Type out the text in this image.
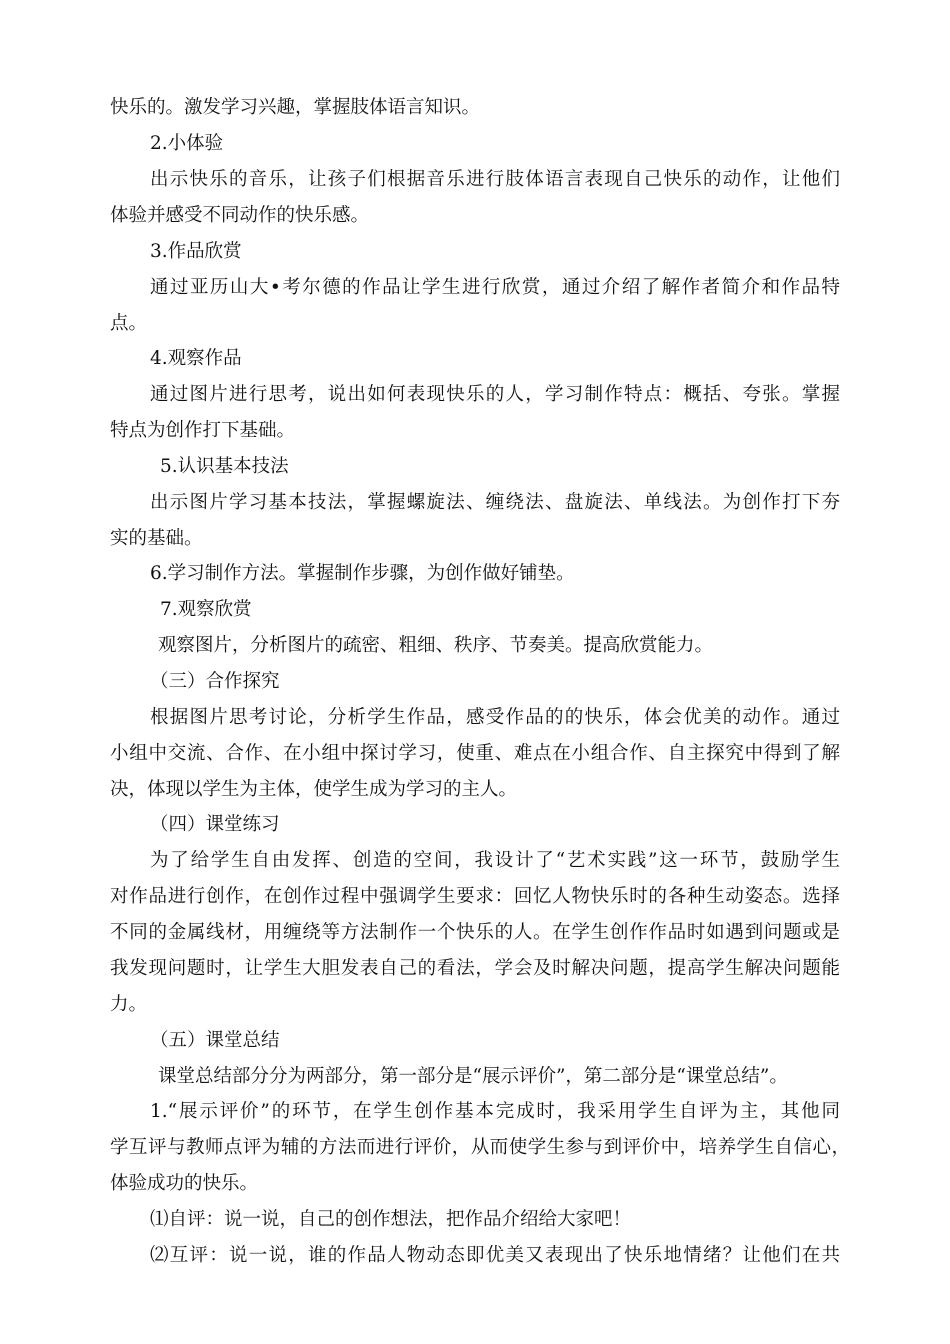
快乐的。激发学习兴趣，掌握肢体语言知识。
2.小体验
出示快乐的音乐，让孩子们根据音乐进行肢体语言表现自己快乐的动作，让他们
体验并感受不同动作的快乐感。
3.作品欣赏
通过亚历山大•考尔德的作品让学生进行欣赏，通过介绍了解作者简介和作品特
点。
4.观察作品
通过图片进行思考，说出如何表现快乐的人，学习制作特点：概括、夸张。掌握
特点为创作打下基础。
5.认识基本技法
出示图片学习基本技法，掌握螺旋法、缠绕法、盘旋法、单线法。为创作打下夯
实的基础。
6.学习制作方法。掌握制作步骤，为创作做好铺垫。
7.观察欣赏
观察图片，分析图片的疏密、粗细、秩序、节奏美。提高欣赏能力。
（三）合作探究
根据图片思考讨论，分析学生作品，感受作品的的快乐，体会优美的动作。通过
小组中交流、合作、在小组中探讨学习，使重、难点在小组合作、自主探究中得到了解
决，体现以学生为主体，使学生成为学习的主人。
（四）课堂练习
为了给学生自由发挥、创造的空间，我设计了“艺术实践”这一环节，鼓励学生
对作品进行创作，在创作过程中强调学生要求：回忆人物快乐时的各种生动姿态。选择
不同的金属线材，用缠绕等方法制作一个快乐的人。在学生创作作品时如遇到问题或是
我发现问题时，让学生大胆发表自己的看法，学会及时解决问题，提高学生解决问题能
力。
（五）课堂总结
课堂总结部分分为两部分，第一部分是“展示评价”，第二部分是“课堂总结”。
1.“展示评价”的环节，在学生创作基本完成时，我采用学生自评为主，其他同
学互评与教师点评为辅的方法而进行评价，从而使学生参与到评价中，培养学生自信心，
体验成功的快乐。
⑴自评：说一说，自己的创作想法，把作品介绍给大家吧！
⑵互评：说一说，谁的作品人物动态即优美又表现出了快乐地情绪？让他们在共
